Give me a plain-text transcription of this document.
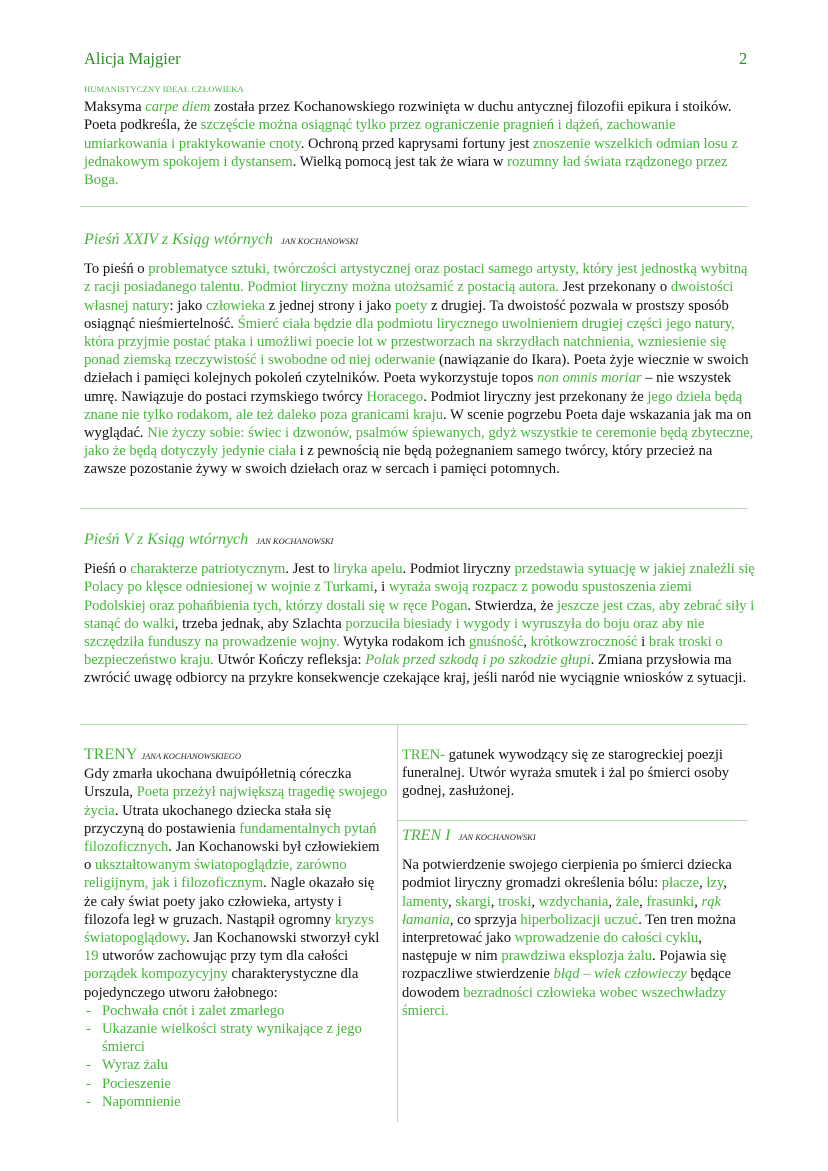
Alicja Majgier	2
HUMANISTYCZNY IDEAŁ CZŁOWIEKA

Maksyma carpe diem została przez Kochanowskiego rozwinięta w duchu antycznej filozofii epikura i stoików. Poeta podkreśla, że szczęście można osiągnąć tylko przez ograniczenie pragnień i dążeń, zachowanie umiarkowania i praktykowanie cnoty. Ochroną przed kaprysami fortuny jest znoszenie wszelkich odmian losu z jednakowym spokojem i dystansem. Wielką pomocą jest tak że wiara w rozumny ład świata rządzonego przez Boga.

Pieśń XXIV z Ksiąg wtórnych JAN KOCHANOWSKI

To pieśń o problematyce sztuki, twórczości artystycznej oraz postaci samego artysty, który jest jednostką wybitną z racji posiadanego talentu. Podmiot liryczny można utożsamić z postacią autora. Jest przekonany o dwoistości własnej natury: jako człowieka z jednej strony i jako poety z drugiej. Ta dwoistość pozwala w prostszy sposób osiągnąć nieśmiertelność. Śmierć ciała będzie dla podmiotu lirycznego uwolnieniem drugiej części jego natury, która przyjmie postać ptaka i umożliwi poecie lot w przestworzach na skrzydłach natchnienia, wzniesienie się ponad ziemską rzeczywistość i swobodne od niej oderwanie (nawiązanie do Ikara). Poeta żyje wiecznie w swoich dziełach i pamięci kolejnych pokoleń czytelników. Poeta wykorzystuje topos non omnis moriar – nie wszystek umrę. Nawiązuje do postaci rzymskiego twórcy Horacego. Podmiot liryczny jest przekonany że jego dzieła będą znane nie tylko rodakom, ale też daleko poza granicami kraju. W scenie pogrzebu Poeta daje wskazania jak ma on wyglądać. Nie życzy sobie: świec i dzwonów, psalmów śpiewanych, gdyż wszystkie te ceremonie będą zbyteczne, jako że będą dotyczyły jedynie ciała i z pewnością nie będą pożegnaniem samego twórcy, który przecież na zawsze pozostanie żywy w swoich dziełach oraz w sercach i pamięci potomnych.

Pieśń V z Ksiąg wtórnych JAN KOCHANOWSKI

Pieśń o charakterze patriotycznym. Jest to liryka apelu. Podmiot liryczny przedstawia sytuację w jakiej znaleźli się Polacy po klęsce odniesionej w wojnie z Turkami, i wyraża swoją rozpacz z powodu spustoszenia ziemi Podolskiej oraz pohańbienia tych, którzy dostali się w ręce Pogan. Stwierdza, że jeszcze jest czas, aby zebrać siły i stanąć do walki, trzeba jednak, aby Szlachta porzuciła biesiady i wygody i wyruszyła do boju oraz aby nie szczędziła funduszy na prowadzenie wojny. Wytyka rodakom ich gnuśność, krótkowzroczność i brak troski o bezpieczeństwo kraju. Utwór Kończy refleksja: Polak przed szkodą i po szkodzie głupi. Zmiana przysłowia ma zwrócić uwagę odbiorcy na przykre konsekwencje czekające kraj, jeśli naród nie wyciągnie wniosków z sytuacji.

TRENY JANA KOCHANOWSKIEGO

Gdy zmarła ukochana dwuipółletnią córeczka Urszula, Poeta przeżył największą tragedię swojego życia. Utrata ukochanego dziecka stała się przyczyną do postawienia fundamentalnych pytań filozoficznych. Jan Kochanowski był człowiekiem o ukształtowanym światopoglądzie, zarówno religijnym, jak i filozoficznym. Nagle okazało się że cały świat poety jako człowieka, artysty i filozofa legł w gruzach. Nastąpił ogromny kryzys światopoglądowy. Jan Kochanowski stworzył cykl 19 utworów zachowując przy tym dla całości porządek kompozycyjny charakterystyczne dla pojedynczego utworu żałobnego:

- Pochwała cnót i zalet zmarłego
- Ukazanie wielkości straty wynikające z jego śmierci
- Wyraz żalu
- Pocieszenie
- Napomnienie

TREN- gatunek wywodzący się ze starogreckiej poezji funeralnej. Utwór wyraża smutek i żal po śmierci osoby godnej, zasłużonej.

TREN I JAN KOCHANOWSKI

Na potwierdzenie swojego cierpienia po śmierci dziecka podmiot liryczny gromadzi określenia bólu: płacze, łzy, lamenty, skargi, troski, wzdychania, żale, frasunki, rąk łamania, co sprzyja hiperbolizacji uczuć. Ten tren można interpretować jako wprowadzenie do całości cyklu, następuje w nim prawdziwa eksplozja żalu. Pojawia się rozpaczliwe stwierdzenie błąd – wiek człowieczy będące dowodem bezradności człowieka wobec wszechwładzy śmierci.
